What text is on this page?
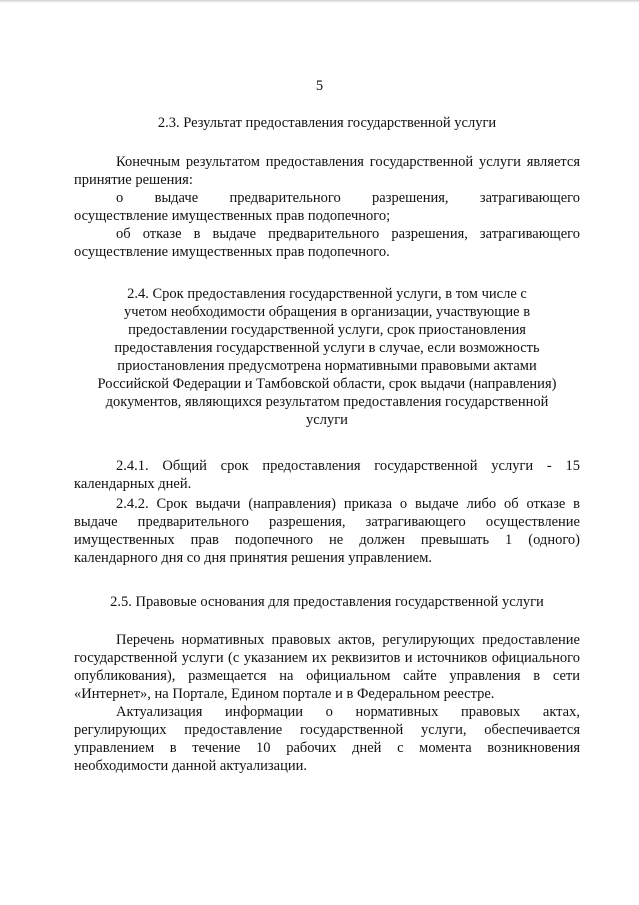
5

2.3. Результат предоставления государственной услуги

Конечным результатом предоставления государственной услуги является принятие решения:

о выдаче предварительного разрешения, затрагивающего

осуществление имущественных прав подопечного;

об отказе в выдаче предварительного разрешения, затрагивающего осуществление имущественных прав подопечного.

2.4. Срок предоставления государственной услуги, в том числе с
учетом необходимости обращения в организации, участвующие в
предоставлении государственной услуги, срок приостановления
предоставления государственной услуги в случае, если возможность
приостановления предусмотрена нормативными правовыми актами
Российской Федерации и Тамбовской области, срок выдачи (направления)
документов, являющихся результатом предоставления государственной
услуги

2.4.1. Общий срок предоставления государственной услуги - 15 календарных дней.

2.4.2. Срок выдачи (направления) приказа о выдаче либо об отказе в выдаче предварительного разрешения, затрагивающего осуществление имущественных прав подопечного не должен превышать 1 (одного) календарного дня со дня принятия решения управлением.

2.5. Правовые основания для предоставления государственной услуги

Перечень нормативных правовых актов, регулирующих предоставление государственной услуги (с указанием их реквизитов и источников официального опубликования), размещается на официальном сайте управления в сети «Интернет», на Портале, Едином портале и в Федеральном реестре.

Актуализация информации о нормативных правовых актах, регулирующих предоставление государственной услуги, обеспечивается управлением в течение 10 рабочих дней с момента возникновения необходимости данной актуализации.
